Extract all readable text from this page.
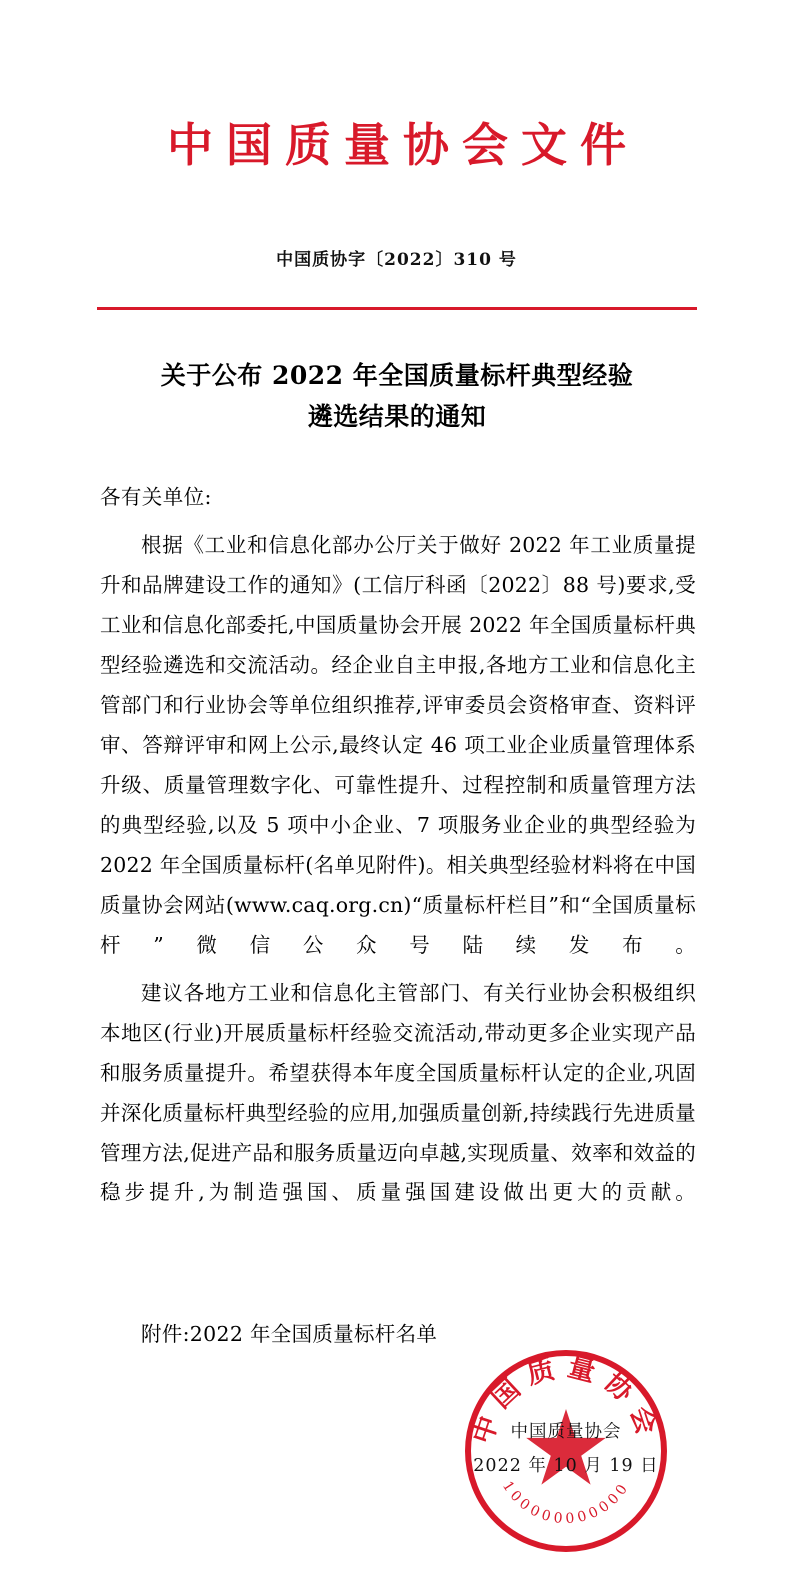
中国质量协会文件
中国质协字〔2022〕310 号
关于公布 2022 年全国质量标杆典型经验
遴选结果的通知
各有关单位:

根据《工业和信息化部办公厅关于做好 2022 年工业质量提升和品牌建设工作的通知》(工信厅科函〔2022〕88 号)要求,受工业和信息化部委托,中国质量协会开展 2022 年全国质量标杆典型经验遴选和交流活动。经企业自主申报,各地方工业和信息化主管部门和行业协会等单位组织推荐,评审委员会资格审查、资料评审、答辩评审和网上公示,最终认定 46 项工业企业质量管理体系升级、质量管理数字化、可靠性提升、过程控制和质量管理方法的典型经验,以及 5 项中小企业、7 项服务业企业的典型经验为 2022 年全国质量标杆(名单见附件)。相关典型经验材料将在中国质量协会网站(www.caq.org.cn)“质量标杆栏目”和“全国质量标杆”微信公众号陆续发布。

建议各地方工业和信息化主管部门、有关行业协会积极组织本地区(行业)开展质量标杆经验交流活动,带动更多企业实现产品和服务质量提升。希望获得本年度全国质量标杆认定的企业,巩固并深化质量标杆典型经验的应用,加强质量创新,持续践行先进质量管理方法,促进产品和服务质量迈向卓越,实现质量、效率和效益的稳步提升,为制造强国、质量强国建设做出更大的贡献。

附件:2022 年全国质量标杆名单
中国质量协会
100000000000
中国质量协会
2022 年 10 月 19 日
